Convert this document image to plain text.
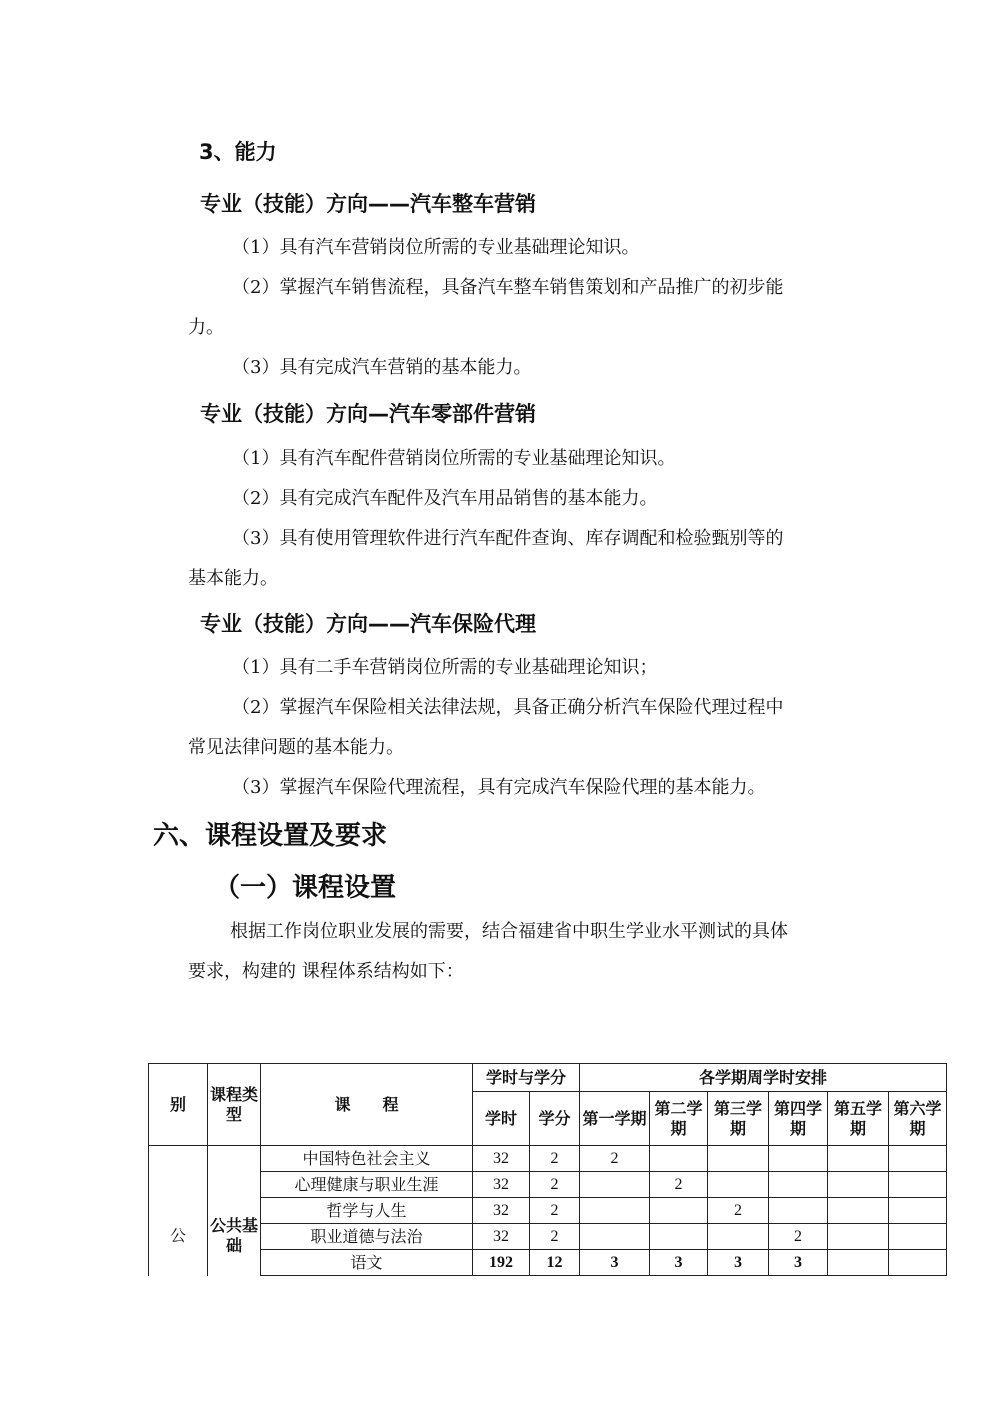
3、能力
专业（技能）方向——汽车整车营销
（1）具有汽车营销岗位所需的专业基础理论知识。
（2）掌握汽车销售流程，具备汽车整车销售策划和产品推广的初步能
力。
（3）具有完成汽车营销的基本能力。
专业（技能）方向—汽车零部件营销
（1）具有汽车配件营销岗位所需的专业基础理论知识。
（2）具有完成汽车配件及汽车用品销售的基本能力。
（3）具有使用管理软件进行汽车配件查询、库存调配和检验甄别等的
基本能力。
专业（技能）方向——汽车保险代理
（1）具有二手车营销岗位所需的专业基础理论知识；
（2）掌握汽车保险相关法律法规，具备正确分析汽车保险代理过程中
常见法律问题的基本能力。
（3）掌握汽车保险代理流程，具有完成汽车保险代理的基本能力。
六、课程设置及要求
（一）课程设置
根据工作岗位职业发展的需要，结合福建省中职生学业水平测试的具体
要求，构建的 课程体系结构如下：
别	课程类型	课　　程	学时与学分		各学期周学时安排					
			学时	学分	第一学期	第二学期	第三学期	第四学期	第五学期	第六学期
公	公共基础	中国特色社会主义	32	2	2					
		心理健康与职业生涯	32	2		2				
		哲学与人生	32	2			2			
		职业道德与法治	32	2				2		
		语文	192	12	3	3	3	3		
